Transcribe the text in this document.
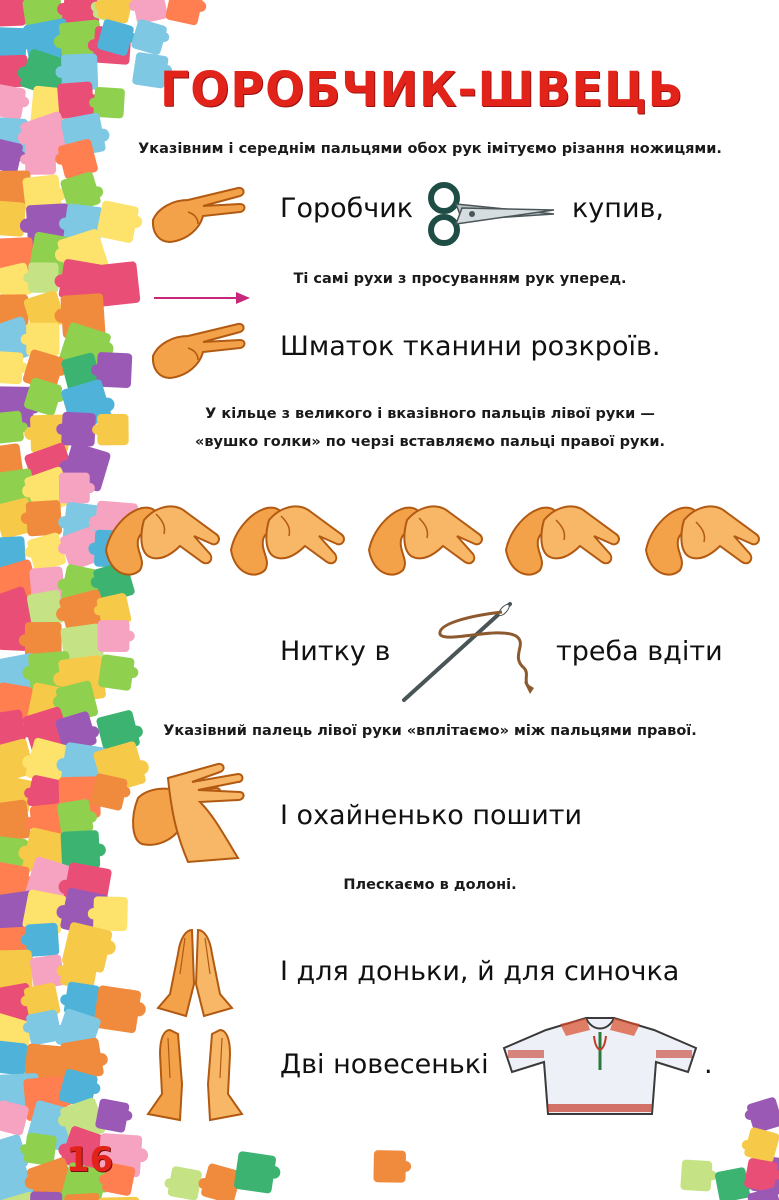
ГОРОБЧИК-ШВЕЦЬ
Указівним і середнім пальцями обох рук імітуємо різання ножицями.
Горобчик	купив,
Ті самі рухи з просуванням рук уперед.
Шматок тканини розкроїв.
У кільце з великого і вказівного пальців лівої руки —
«вушко голки» по черзі вставляємо пальці правої руки.
Нитку в	треба вдіти
Указівний палець лівої руки «вплітаємо» між пальцями правої.
І охайненько пошити
Плескаємо в долоні.
І для доньки, й для синочка
Дві новесенькі	.
16
